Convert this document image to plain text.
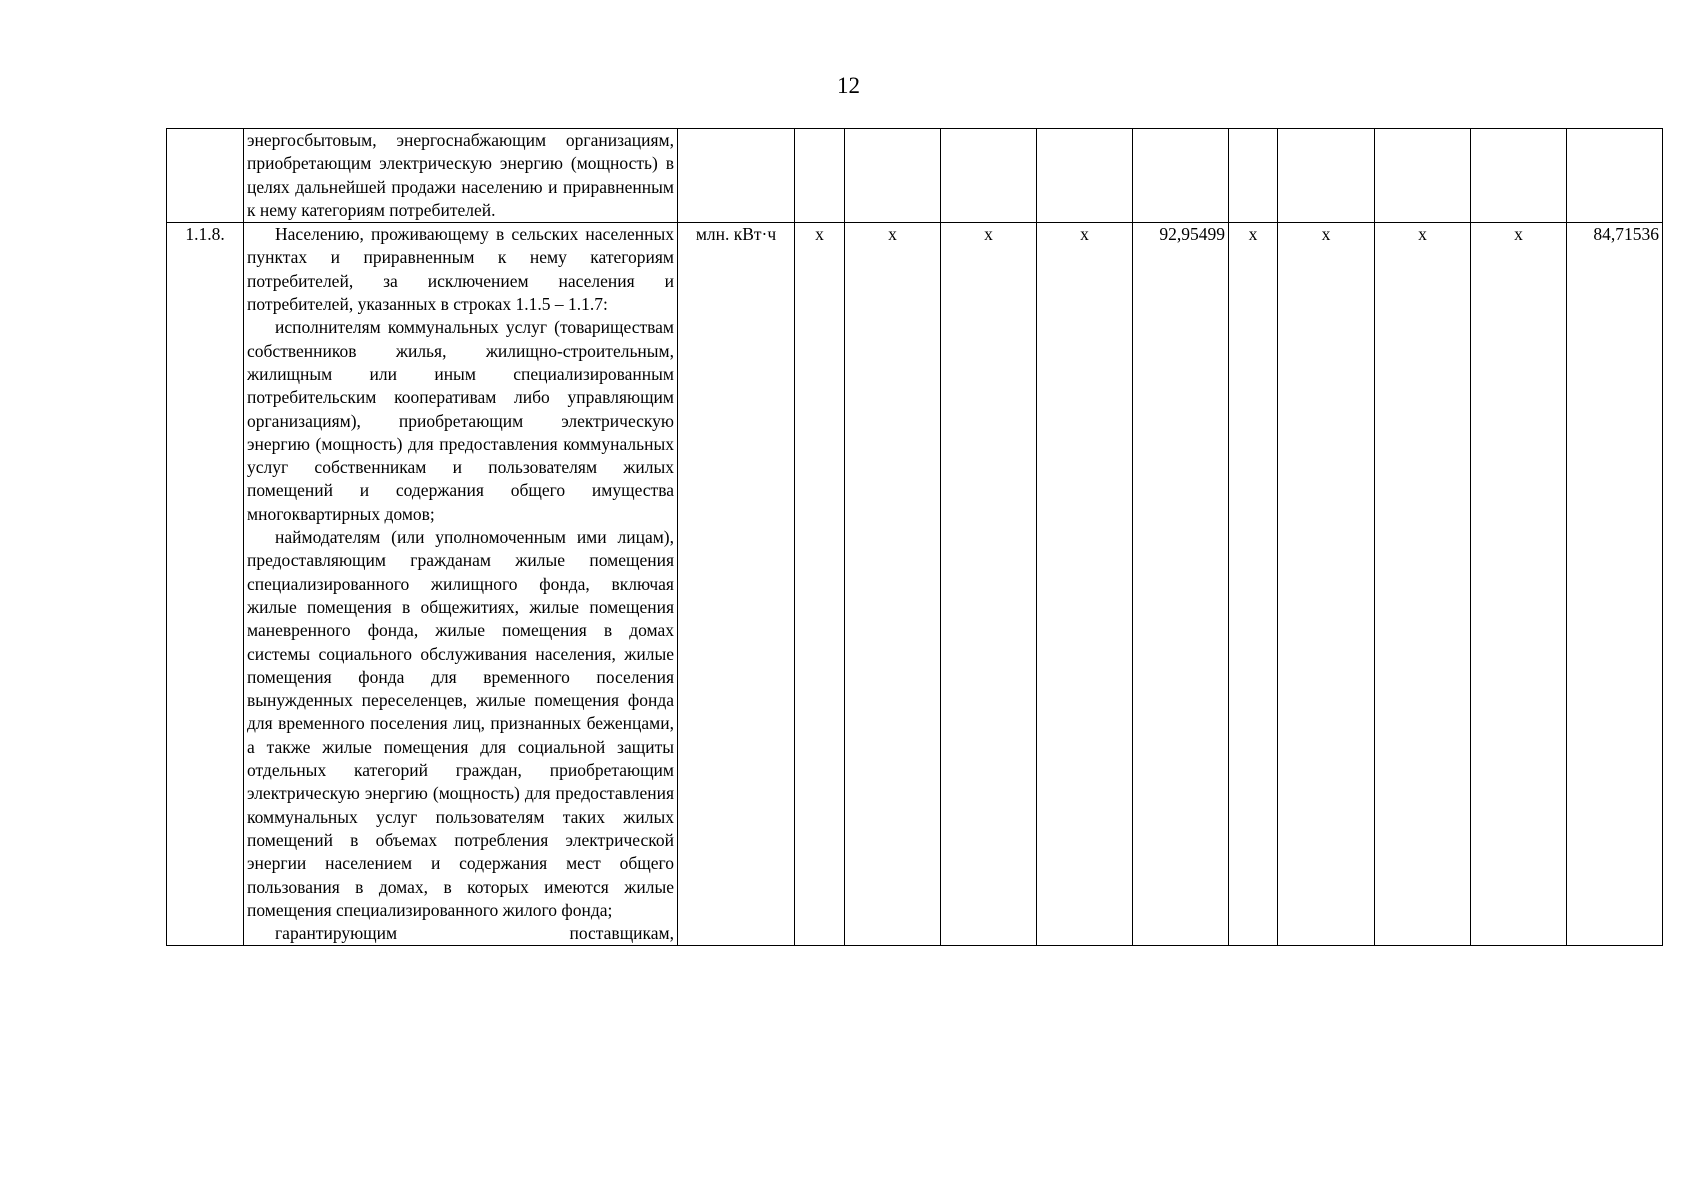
12

	энергосбытовым, энергоснабжающим организациям, приобретающим электрическую энергию (мощность) в целях дальнейшей продажи населению и приравненным к нему категориям потребителей.											

1.1.8.	Населению, проживающему в сельских населенных пунктах и приравненным к нему категориям потребителей, за исключением населения и потребителей, указанных в строках 1.1.5 – 1.1.7:

исполнителям коммунальных услуг (товариществам собственников жилья, жилищно-строительным, жилищным или иным специализированным потребительским кооперативам либо управляющим организациям), приобретающим электрическую энергию (мощность) для предоставления коммунальных услуг собственникам и пользователям жилых помещений и содержания общего имущества многоквартирных домов;

наймодателям (или уполномоченным ими лицам), предоставляющим гражданам жилые помещения специализированного жилищного фонда, включая жилые помещения в общежитиях, жилые помещения маневренного фонда, жилые помещения в домах системы социального обслуживания населения, жилые помещения фонда для временного поселения вынужденных переселенцев, жилые помещения фонда для временного поселения лиц, признанных беженцами, а также жилые помещения для социальной защиты отдельных категорий граждан, приобретающим электрическую энергию (мощность) для предоставления коммунальных услуг пользователям таких жилых помещений в объемах потребления электрической энергии населением и содержания мест общего пользования в домах, в которых имеются жилые помещения специализированного жилого фонда;

гарантирующим поставщикам,	млн. кВт·ч	х	х	х	х	92,95499	х	х	х	х	84,71536
